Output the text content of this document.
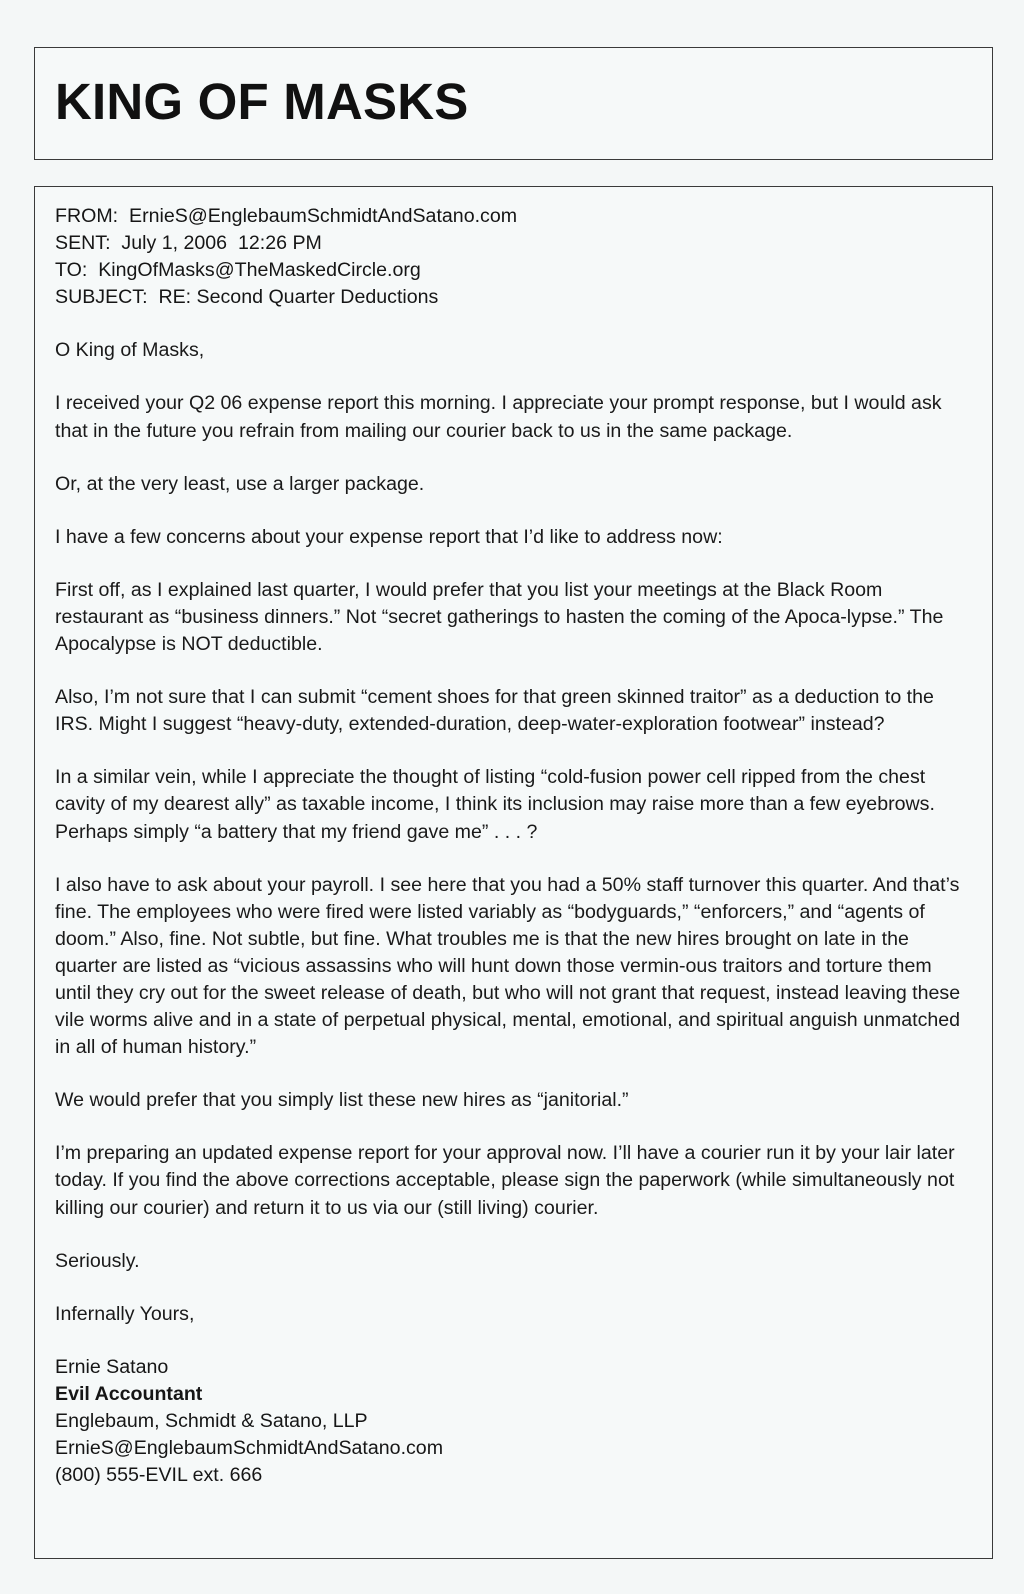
KING OF MASKS
FROM: ErnieS@EnglebaumSchmidtAndSatano.com
SENT: July 1, 2006  12:26 PM
TO: KingOfMasks@TheMaskedCircle.org
SUBJECT: RE: Second Quarter Deductions

O King of Masks,

I received your Q2 06 expense report this morning. I appreciate your prompt response, but I would ask that in the future you refrain from mailing our courier back to us in the same package.

Or, at the very least, use a larger package.

I have a few concerns about your expense report that I’d like to address now:

First off, as I explained last quarter, I would prefer that you list your meetings at the Black Room restaurant as “business dinners.” Not “secret gatherings to hasten the coming of the Apoca-lypse.” The Apocalypse is NOT deductible.

Also, I’m not sure that I can submit “cement shoes for that green skinned traitor” as a deduction to the IRS. Might I suggest “heavy-duty, extended-duration, deep-water-exploration footwear” instead?

In a similar vein, while I appreciate the thought of listing “cold-fusion power cell ripped from the chest cavity of my dearest ally” as taxable income, I think its inclusion may raise more than a few eyebrows. Perhaps simply “a battery that my friend gave me” . . . ?

I also have to ask about your payroll. I see here that you had a 50% staff turnover this quarter. And that’s fine. The employees who were fired were listed variably as “bodyguards,” “enforcers,” and “agents of doom.” Also, fine. Not subtle, but fine. What troubles me is that the new hires brought on late in the quarter are listed as “vicious assassins who will hunt down those vermin-ous traitors and torture them until they cry out for the sweet release of death, but who will not grant that request, instead leaving these vile worms alive and in a state of perpetual physical, mental, emotional, and spiritual anguish unmatched in all of human history.”

We would prefer that you simply list these new hires as “janitorial.”

I’m preparing an updated expense report for your approval now. I’ll have a courier run it by your lair later today. If you find the above corrections acceptable, please sign the paperwork (while simultaneously not killing our courier) and return it to us via our (still living) courier.

Seriously.

Infernally Yours,

Ernie Satano
Evil Accountant
Englebaum, Schmidt & Satano, LLP
ErnieS@EnglebaumSchmidtAndSatano.com
(800) 555-EVIL ext. 666
